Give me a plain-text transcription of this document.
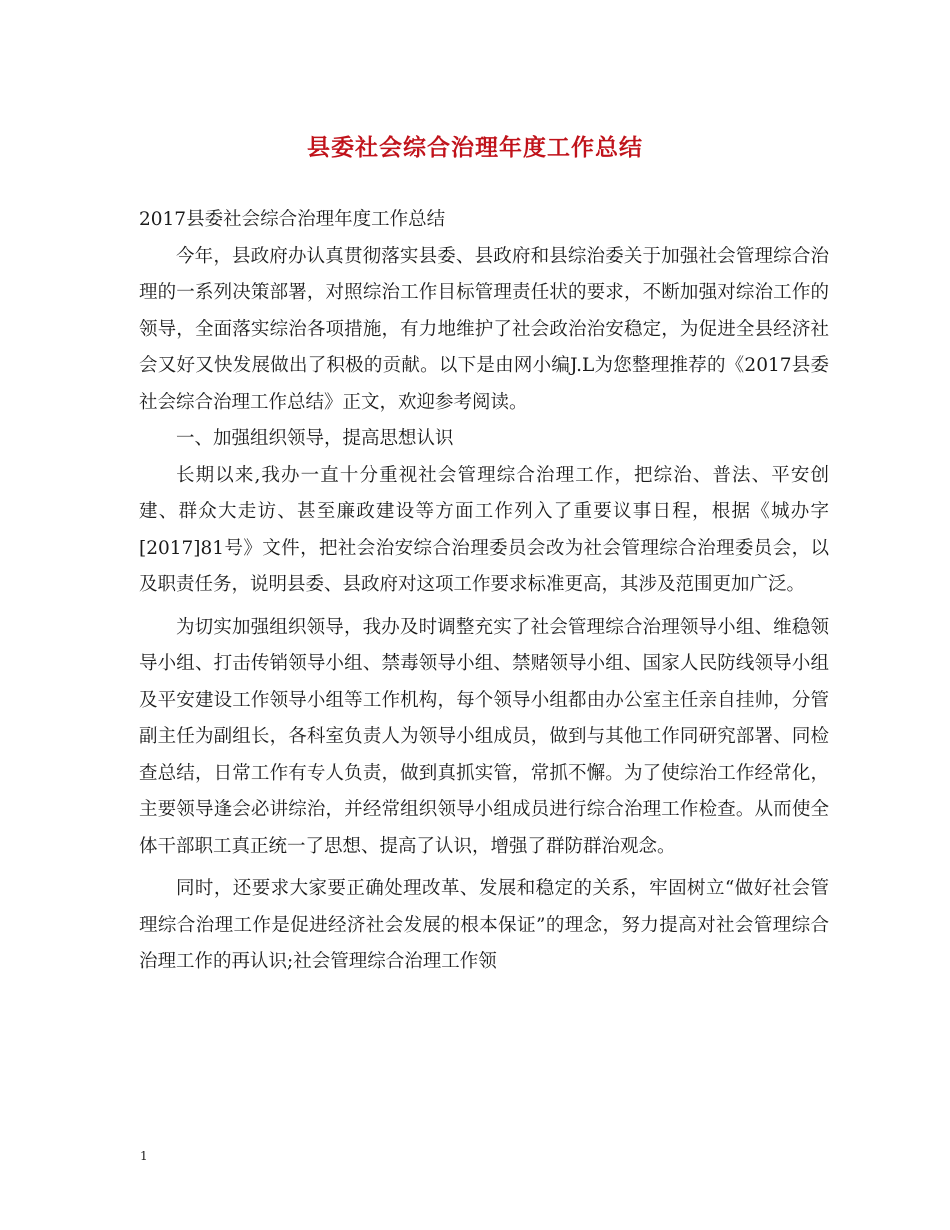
县委社会综合治理年度工作总结

2017县委社会综合治理年度工作总结

今年，县政府办认真贯彻落实县委、县政府和县综治委关于加强社会管理综合治理的一系列决策部署，对照综治工作目标管理责任状的要求，不断加强对综治工作的领导，全面落实综治各项措施，有力地维护了社会政治治安稳定，为促进全县经济社会又好又快发展做出了积极的贡献。以下是由网小编J.L为您整理推荐的《2017县委社会综合治理工作总结》正文，欢迎参考阅读。

一、加强组织领导，提高思想认识

长期以来,我办一直十分重视社会管理综合治理工作，把综治、普法、平安创建、群众大走访、甚至廉政建设等方面工作列入了重要议事日程，根据《城办字 [2017]81号》文件，把社会治安综合治理委员会改为社会管理综合治理委员会，以及职责任务，说明县委、县政府对这项工作要求标准更高，其涉及范围更加广泛。

为切实加强组织领导，我办及时调整充实了社会管理综合治理领导小组、维稳领导小组、打击传销领导小组、禁毒领导小组、禁赌领导小组、国家人民防线领导小组及平安建设工作领导小组等工作机构，每个领导小组都由办公室主任亲自挂帅，分管副主任为副组长，各科室负责人为领导小组成员，做到与其他工作同研究部署、同检查总结，日常工作有专人负责，做到真抓实管，常抓不懈。为了使综治工作经常化，主要领导逢会必讲综治，并经常组织领导小组成员进行综合治理工作检查。从而使全体干部职工真正统一了思想、提高了认识，增强了群防群治观念。

同时，还要求大家要正确处理改革、发展和稳定的关系，牢固树立“做好社会管理综合治理工作是促进经济社会发展的根本保证”的理念，努力提高对社会管理综合治理工作的再认识;社会管理综合治理工作领

1
